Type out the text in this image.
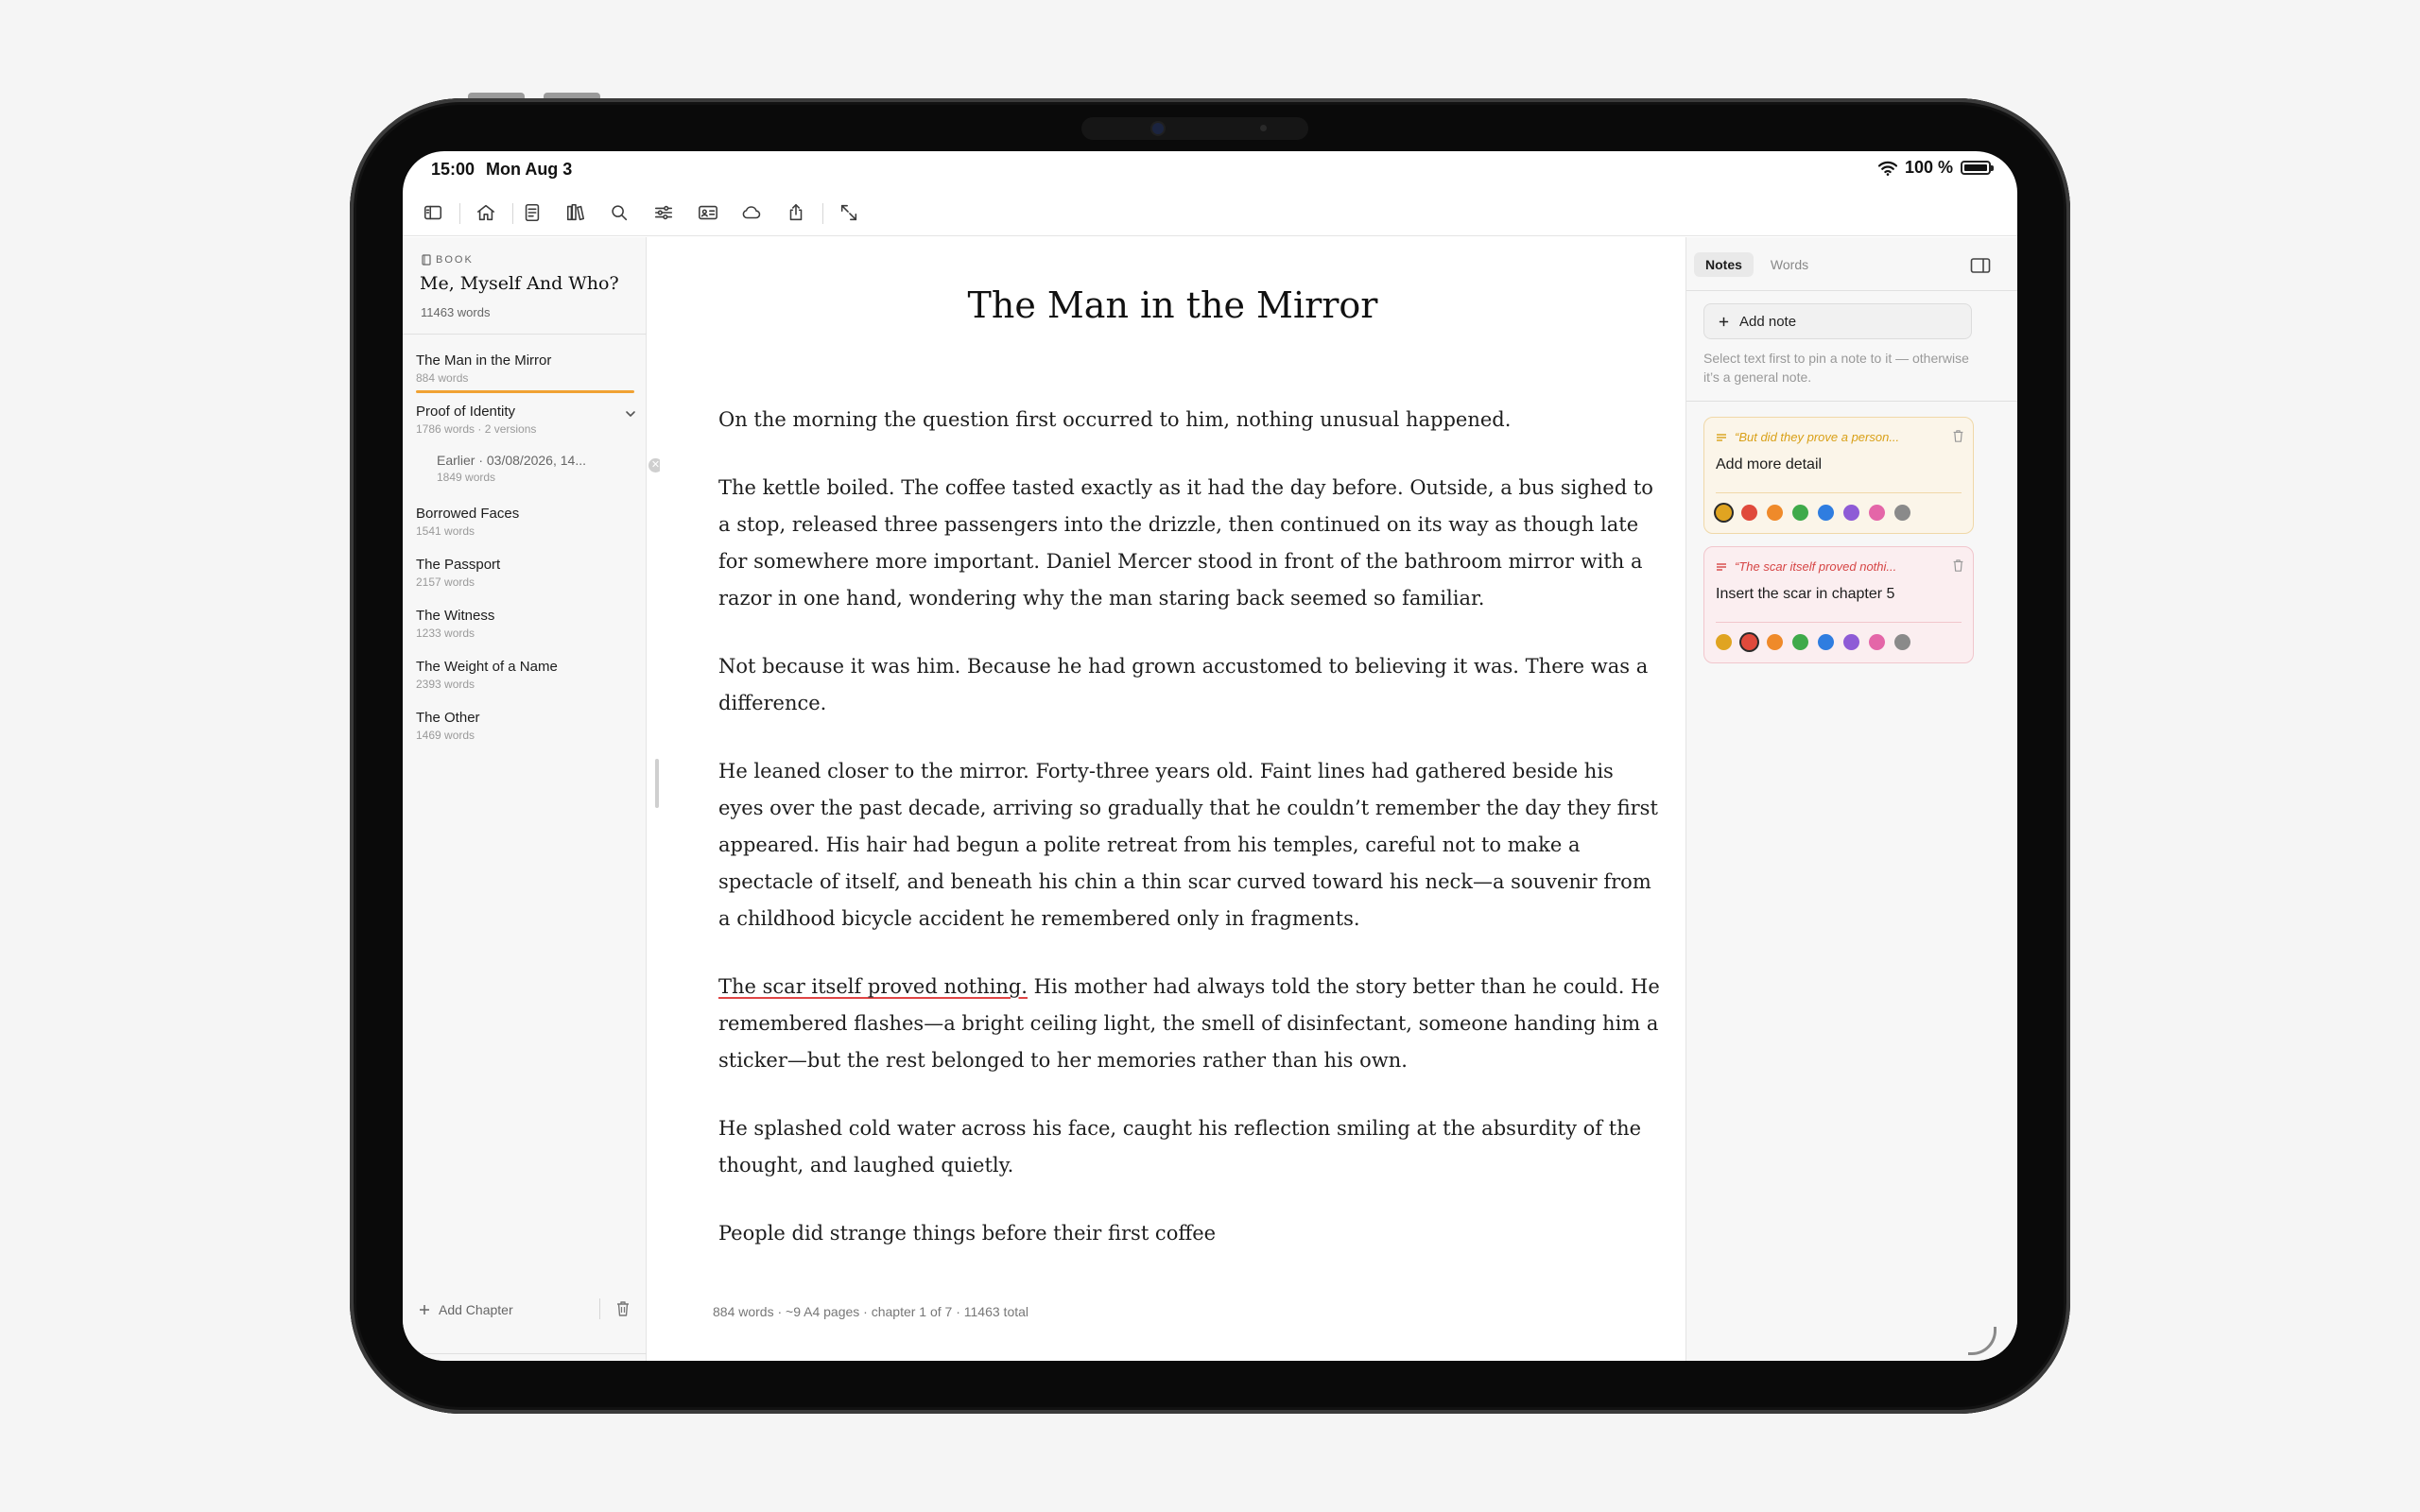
15:00 Mon Aug 3	100 %
BOOK
Me, Myself And Who?
11463 words
The Man in the Mirror
884 words
Proof of Identity
1786 words · 2 versions
Earlier · 03/08/2026, 14...
1849 words
✕
Borrowed Faces
1541 words
The Passport
2157 words
The Witness
1233 words
The Weight of a Name
2393 words
The Other
1469 words
Add Chapter
The Man in the Mirror

On the morning the question first occurred to him, nothing unusual happened.

The kettle boiled. The coffee tasted exactly as it had the day before. Outside, a bus sighed to a stop, released three passengers into the drizzle, then continued on its way as though late for somewhere more important. Daniel Mercer stood in front of the bathroom mirror with a razor in one hand, wondering why the man staring back seemed so familiar.

Not because it was him. Because he had grown accustomed to believing it was. There was a difference.

He leaned closer to the mirror. Forty-three years old. Faint lines had gathered beside his eyes over the past decade, arriving so gradually that he couldn’t remember the day they first appeared. His hair had begun a polite retreat from his temples, careful not to make a spectacle of itself, and beneath his chin a thin scar curved toward his neck—a souvenir from a childhood bicycle accident he remembered only in fragments.

The scar itself proved nothing. His mother had always told the story better than he could. He remembered flashes—a bright ceiling light, the smell of disinfectant, someone handing him a sticker—but the rest belonged to her memories rather than his own.

He splashed cold water across his face, caught his reflection smiling at the absurdity of the thought, and laughed quietly.

People did strange things before their first coffee

884 words · ~9 A4 pages · chapter 1 of 7 · 11463 total
Notes	Words
Add note
Select text first to pin a note to it — otherwise it’s a general note.
“But did they prove a person...
Add more detail
“The scar itself proved nothi...
Insert the scar in chapter 5
